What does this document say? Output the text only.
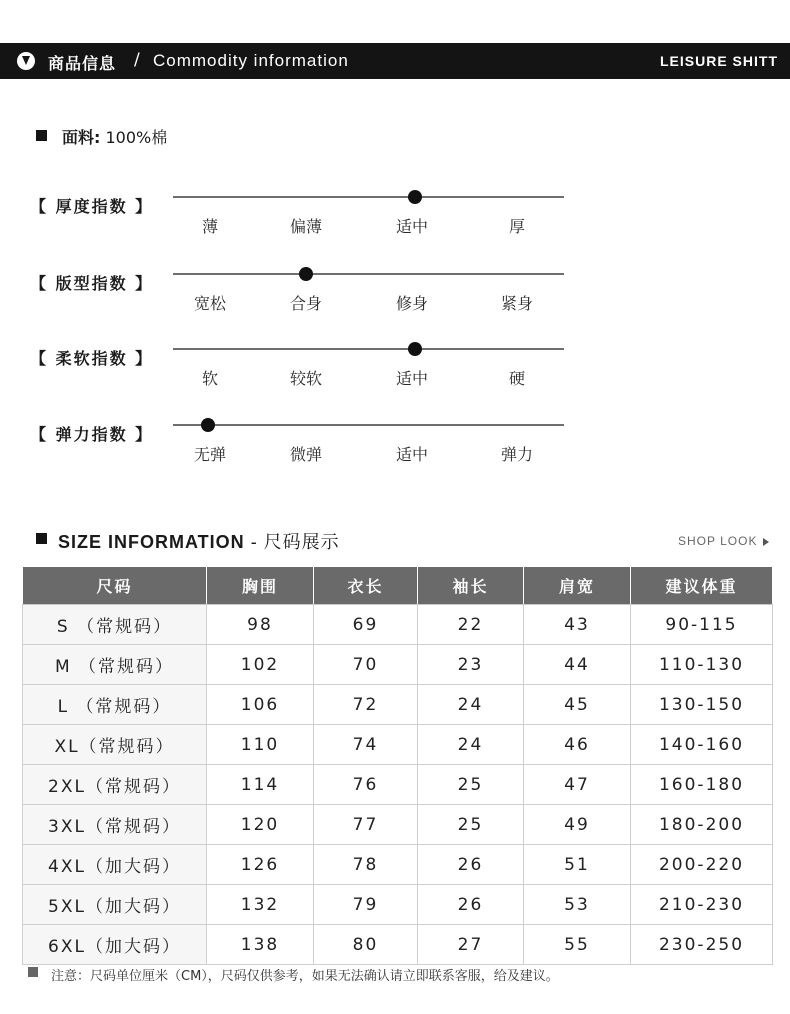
商品信息 / Commodity information	LEISURE SHITT
面料: 100%棉
【 厚度指数 】
薄	偏薄	适中	厚
【 版型指数 】
宽松	合身	修身	紧身
【 柔软指数 】
软	较软	适中	硬
【 弹力指数 】
无弹	微弹	适中	弹力
SIZE INFORMATION - 尺码展示	SHOP LOOK
尺码	胸围	衣长	袖长	肩宽	建议体重
S （常规码）	98	69	22	43	90-115
M （常规码）	102	70	23	44	110-130
L （常规码）	106	72	24	45	130-150
XL（常规码）	110	74	24	46	140-160
2XL（常规码）	114	76	25	47	160-180
3XL（常规码）	120	77	25	49	180-200
4XL（加大码）	126	78	26	51	200-220
5XL（加大码）	132	79	26	53	210-230
6XL（加大码）	138	80	27	55	230-250
注意：尺码单位厘米（CM），尺码仅供参考，如果无法确认请立即联系客服，给及建议。
